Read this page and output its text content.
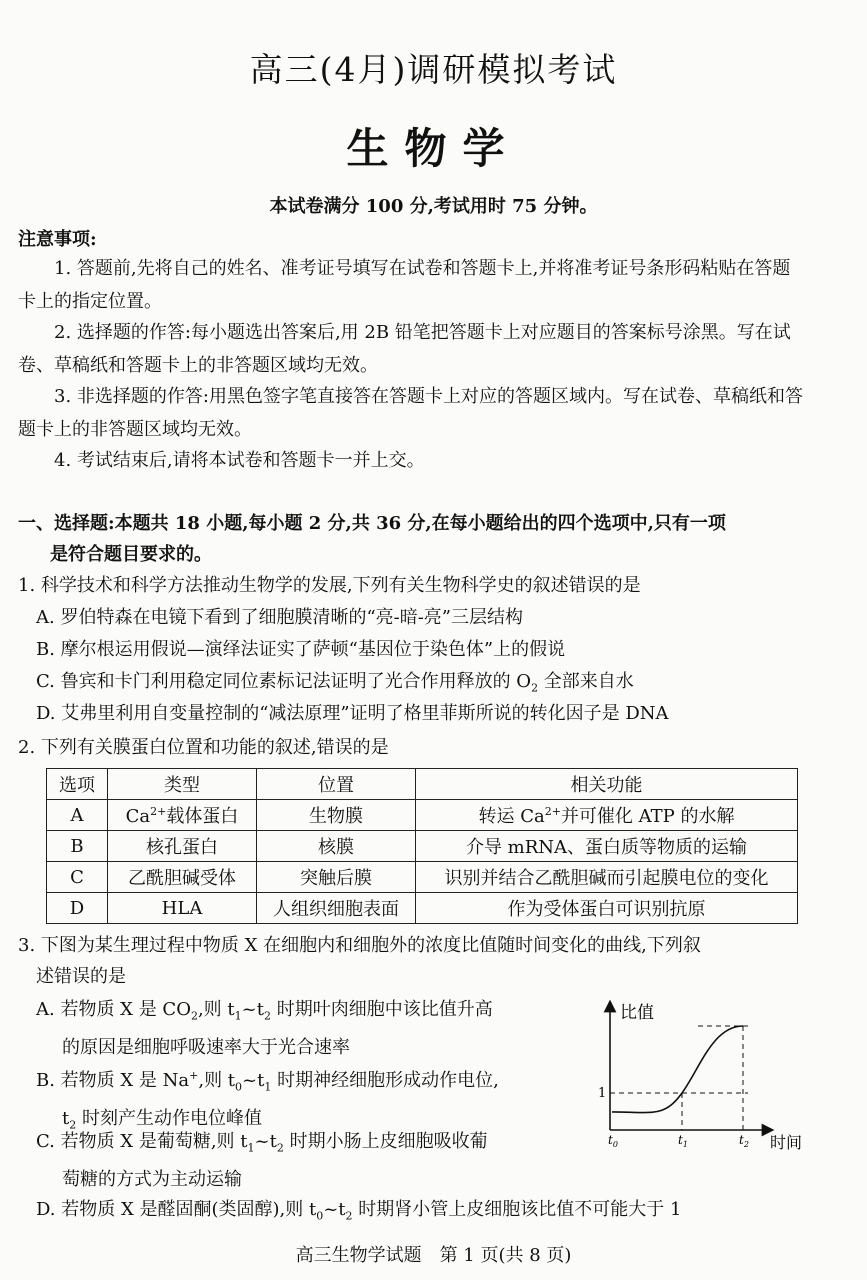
高三(4月)调研模拟考试
生物学
本试卷满分 100 分,考试用时 75 分钟。
注意事项:
1. 答题前,先将自己的姓名、准考证号填写在试卷和答题卡上,并将准考证号条形码粘贴在答题卡上的指定位置。
2. 选择题的作答:每小题选出答案后,用 2B 铅笔把答题卡上对应题目的答案标号涂黑。写在试卷、草稿纸和答题卡上的非答题区域均无效。
3. 非选择题的作答:用黑色签字笔直接答在答题卡上对应的答题区域内。写在试卷、草稿纸和答题卡上的非答题区域均无效。
4. 考试结束后,请将本试卷和答题卡一并上交。
一、选择题:本题共 18 小题,每小题 2 分,共 36 分,在每小题给出的四个选项中,只有一项
是符合题目要求的。
1. 科学技术和科学方法推动生物学的发展,下列有关生物科学史的叙述错误的是
A. 罗伯特森在电镜下看到了细胞膜清晰的“亮-暗-亮”三层结构
B. 摩尔根运用假说—演绎法证实了萨顿“基因位于染色体”上的假说
C. 鲁宾和卡门利用稳定同位素标记法证明了光合作用释放的 $O_2$ 全部来自水
D. 艾弗里利用自变量控制的“减法原理”证明了格里菲斯所说的转化因子是 DNA
2. 下列有关膜蛋白位置和功能的叙述,错误的是
选项	类型	位置	相关功能
A	$Ca^{2+}$载体蛋白	生物膜	转运 $Ca^{2+}$并可催化 ATP 的水解
B	核孔蛋白	核膜	介导 mRNA、蛋白质等物质的运输
C	乙酰胆碱受体	突触后膜	识别并结合乙酰胆碱而引起膜电位的变化
D	HLA	人组织细胞表面	作为受体蛋白可识别抗原
3. 下图为某生理过程中物质 X 在细胞内和细胞外的浓度比值随时间变化的曲线,下列叙
述错误的是
A. 若物质 X 是 $CO_2$,则 $t_1\sim t_2$ 时期叶肉细胞中该比值升高
的原因是细胞呼吸速率大于光合速率
B. 若物质 X 是 Na+,则 $t_0\sim t_1$ 时期神经细胞形成动作电位,
$t_2$ 时刻产生动作电位峰值
C. 若物质 X 是葡萄糖,则 $t_1\sim t_2$ 时期小肠上皮细胞吸收葡
萄糖的方式为主动运输
D. 若物质 X 是醛固酮(类固醇),则 $t_0\sim t_2$ 时期肾小管上皮细胞该比值不可能大于 1
比值
时间
1
$t_0$	$t_1$	$t_2$
高三生物学试题　第 1 页(共 8 页)
